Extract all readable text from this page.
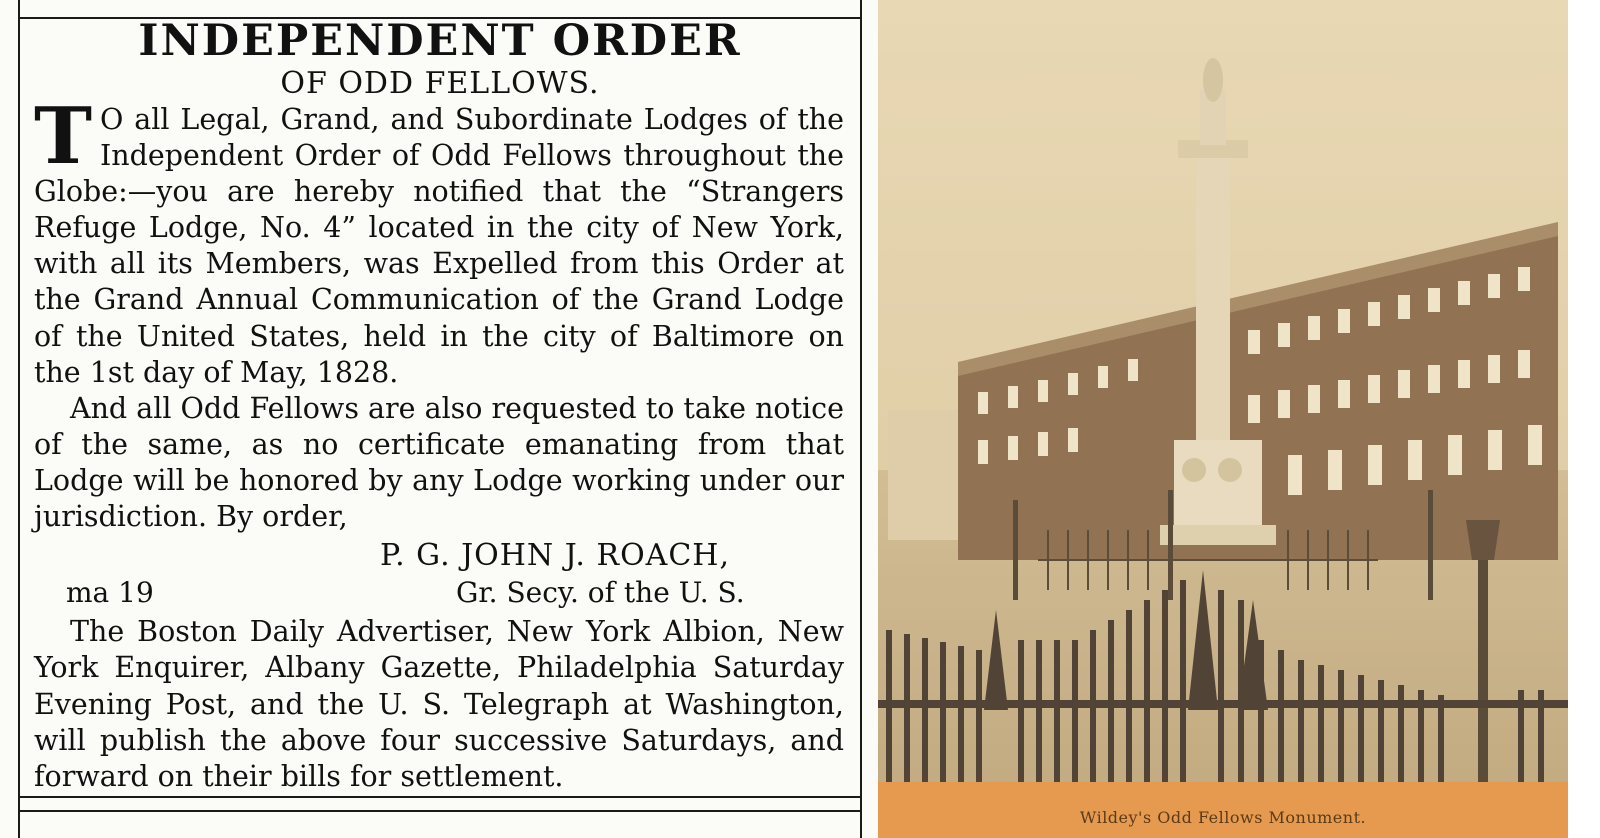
INDEPENDENT ORDER
OF ODD FELLOWS.

T O all Legal, Grand, and Subordinate Lodges of the Independent Order of Odd Fellows throughout the Globe:—you are hereby notified that the “Strangers Refuge Lodge, No. 4” located in the city of New York, with all its Members, was Expelled from this Order at the Grand Annual Communication of the Grand Lodge of the United States, held in the city of Baltimore on the 1st day of May, 1828.

And all Odd Fellows are also requested to take notice of the same, as no certificate emanating from that Lodge will be honored by any Lodge working under our jurisdiction. By order,

P. G. JOHN J. ROACH,
ma 19	Gr. Secy. of the U. S.

The Boston Daily Advertiser, New York Albion, New York Enquirer, Albany Gazette, Philadelphia Saturday Evening Post, and the U. S. Telegraph at Washington, will publish the above four successive Saturdays, and forward on their bills for settlement.

Wildey's Odd Fellows Monument.
